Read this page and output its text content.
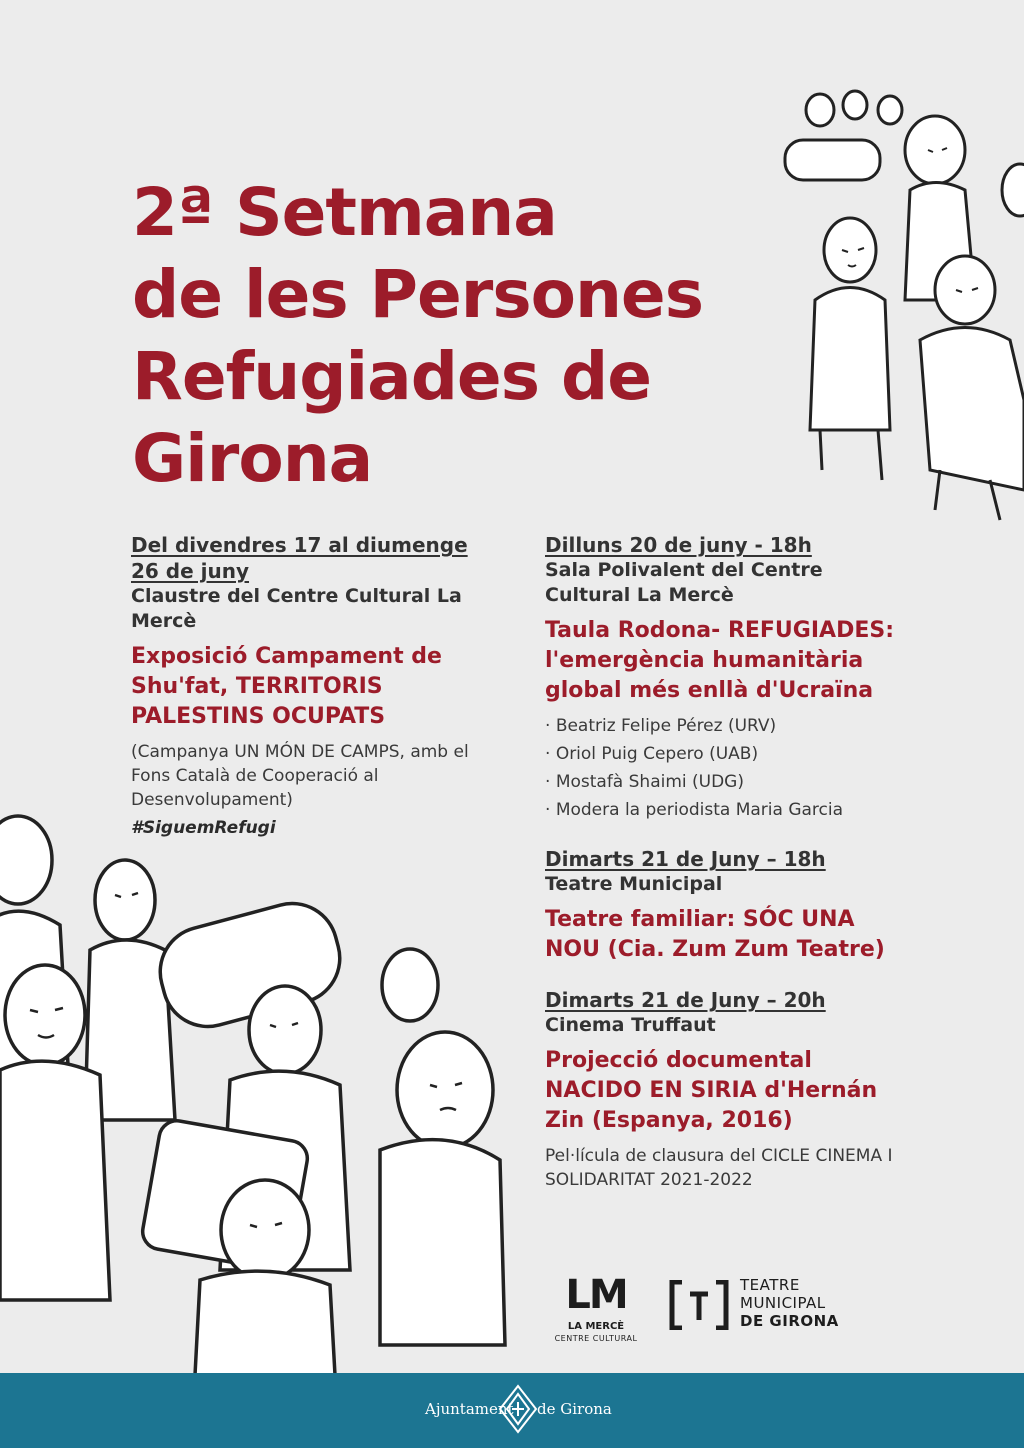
2ª Setmana
de les Persones
Refugiades de
Girona

Del divendres 17 al diumenge
26 de juny

Claustre del Centre Cultural La Mercè

Exposició Campament de Shu'fat, TERRITORIS PALESTINS OCUPATS

(Campanya UN MÓN DE CAMPS, amb el Fons Català de Cooperació al Desenvolupament)

#SiguemRefugi

Dilluns 20 de juny - 18h

Sala Polivalent del Centre Cultural La Mercè

Taula Rodona- REFUGIADES: l'emergència humanitària global més enllà d'Ucraïna

· Beatriz Felipe Pérez (URV)
· Oriol Puig Cepero (UAB)
· Mostafà Shaimi (UDG)
· Modera la periodista Maria Garcia

Dimarts 21 de Juny – 18h

Teatre Municipal

Teatre familiar: SÓC UNA NOU (Cia. Zum Zum Teatre)

Dimarts 21 de Juny – 20h

Cinema Truffaut

Projecció documental NACIDO EN SIRIA d'Hernán Zin (Espanya, 2016)

Pel·lícula de clausura del CICLE CINEMA I SOLIDARITAT 2021-2022

LM
LA MERCÈ
CENTRE CULTURAL
TEATRE
MUNICIPAL
DE GIRONA
Ajuntament de Girona
